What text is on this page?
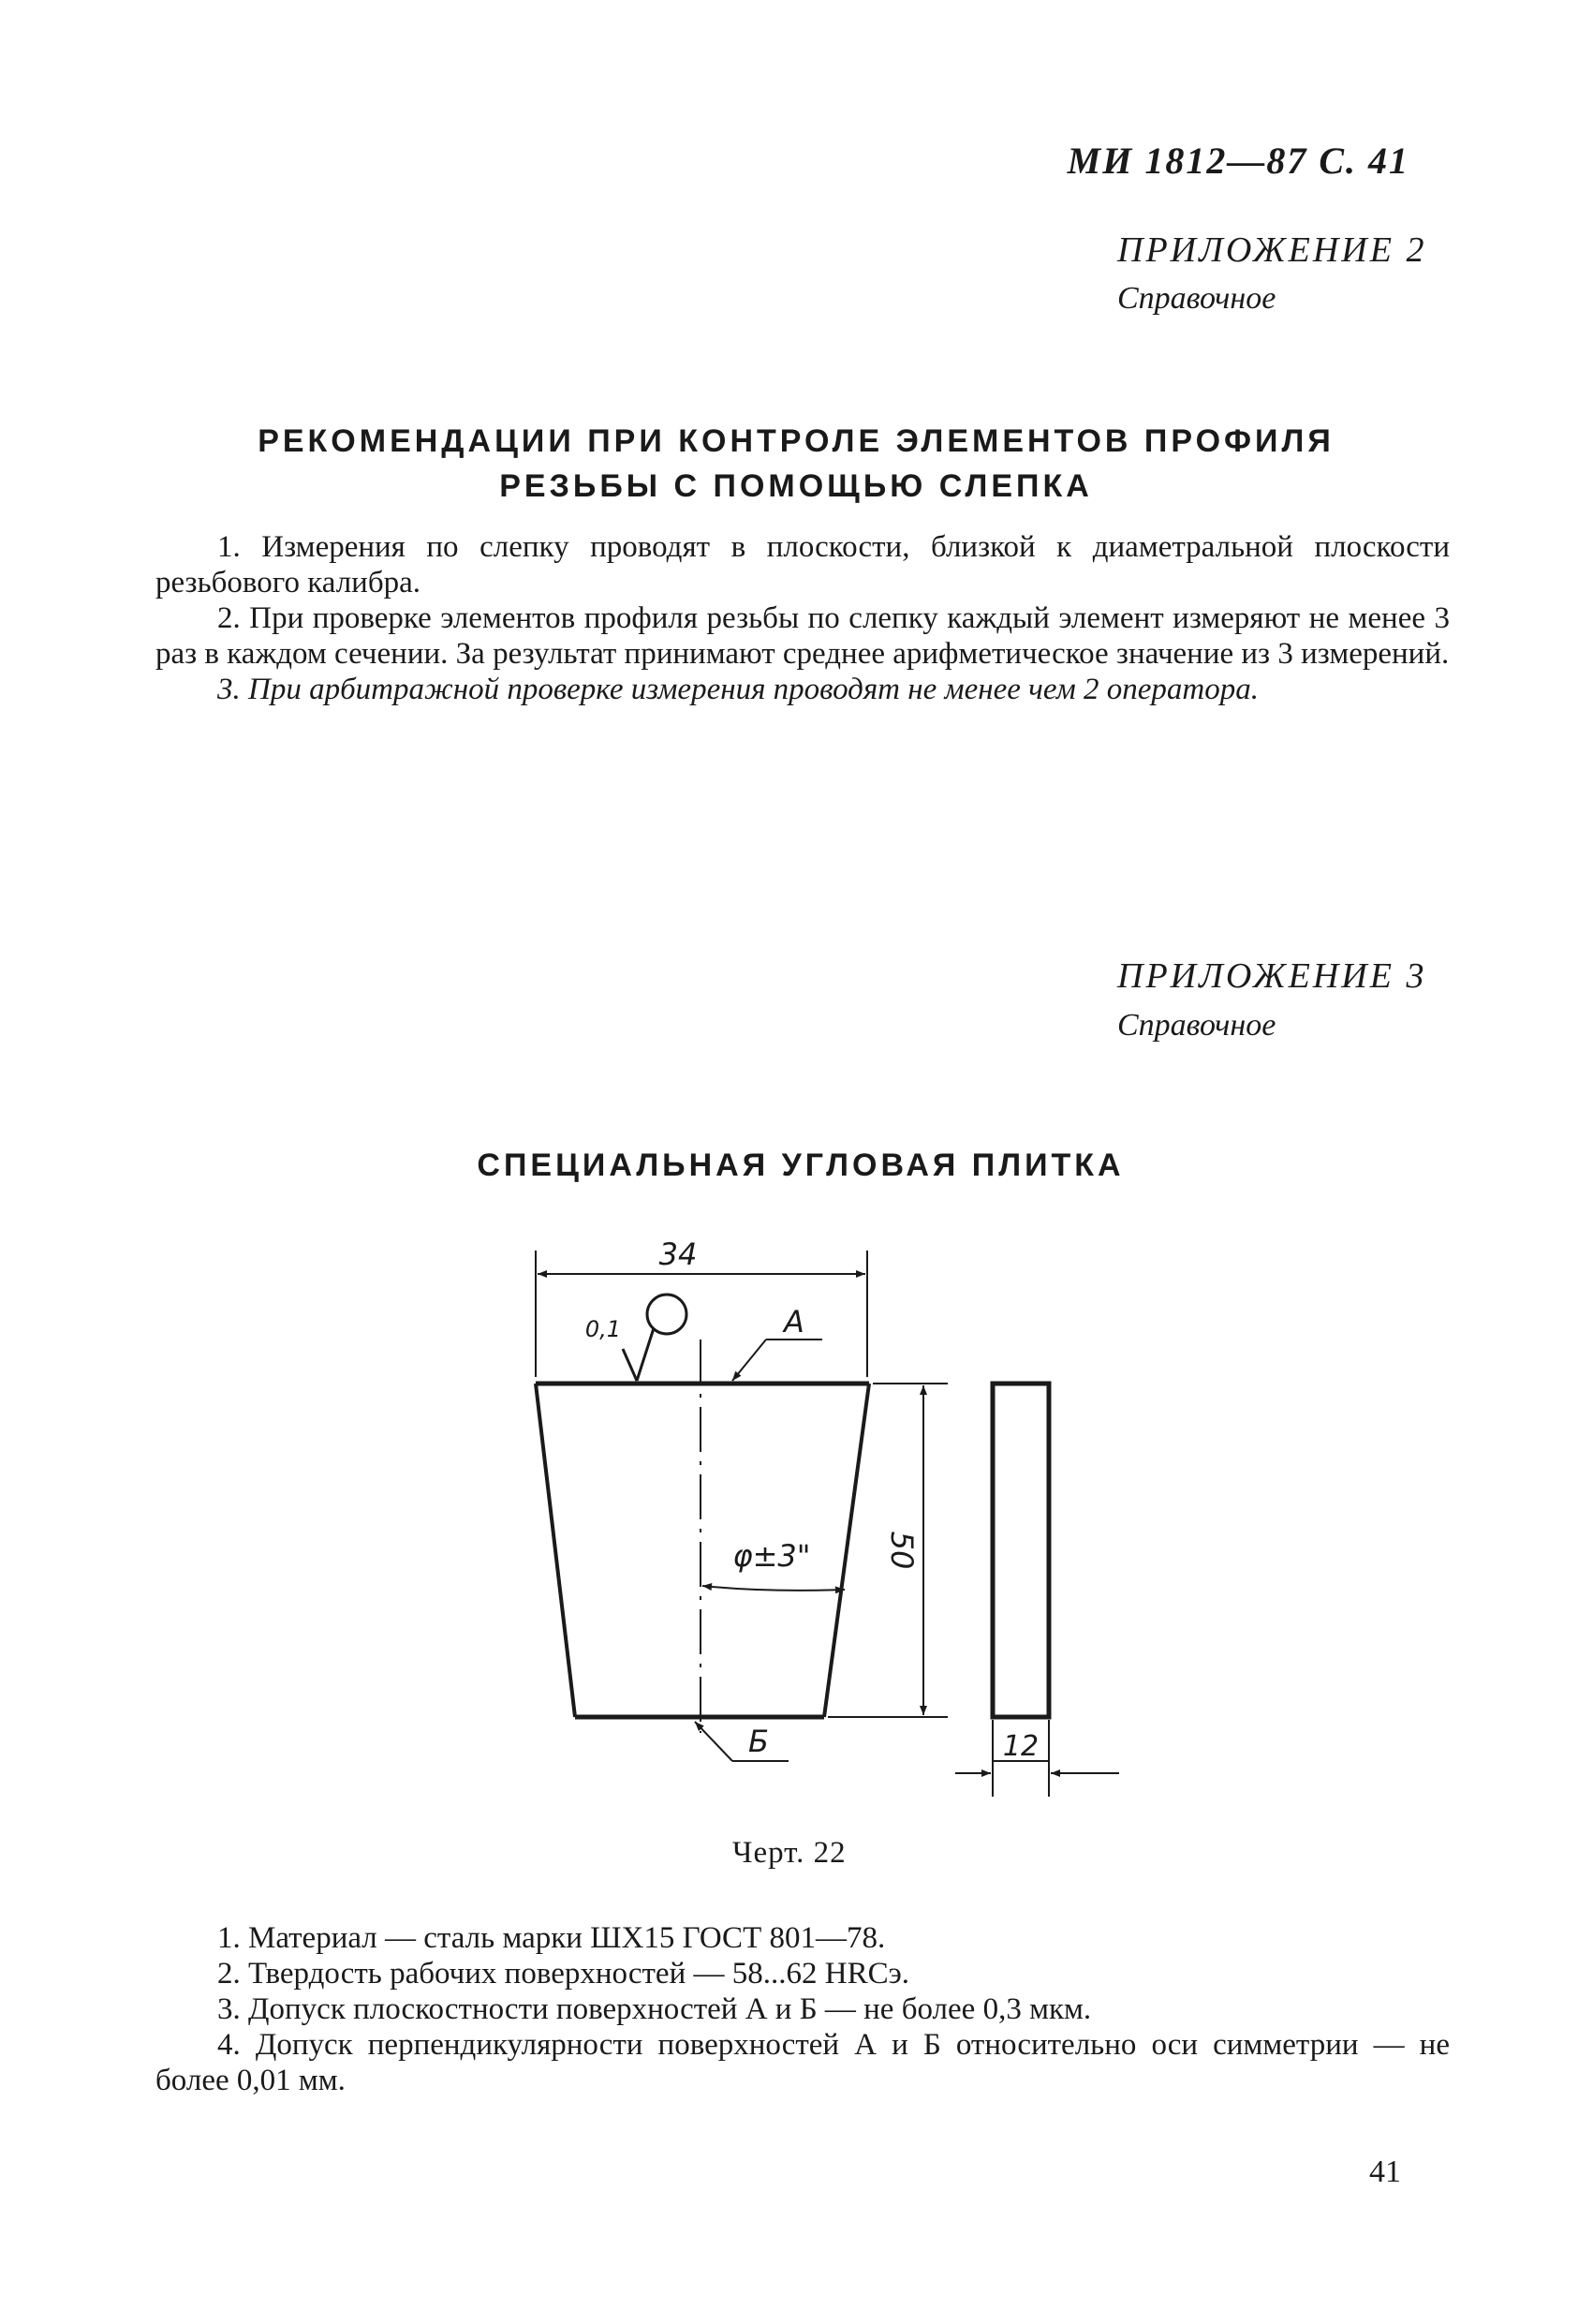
МИ 1812—87 С. 41
ПРИЛОЖЕНИЕ 2
Справочное
РЕКОМЕНДАЦИИ ПРИ КОНТРОЛЕ ЭЛЕМЕНТОВ ПРОФИЛЯ
РЕЗЬБЫ С ПОМОЩЬЮ СЛЕПКА
1. Измерения по слепку проводят в плоскости, близкой к диаметральной плоскости резьбового калибра.
2. При проверке элементов профиля резьбы по слепку каждый элемент измеряют не менее 3 раз в каждом сечении. За результат принимают среднее арифметическое значение из 3 измерений.
3. При арбитражной проверке измерения проводят не менее чем 2 оператора.
ПРИЛОЖЕНИЕ 3
Справочное
СПЕЦИАЛЬНАЯ УГЛОВАЯ ПЛИТКА
34
0,1	А
φ±3" 50
Б	12
Черт. 22
1. Материал — сталь марки ШХ15 ГОСТ 801—78.
2. Твердость рабочих поверхностей — 58...62 HRCэ.
3. Допуск плоскостности поверхностей А и Б — не более 0,3 мкм.
4. Допуск перпендикулярности поверхностей А и Б относительно оси симметрии — не более 0,01 мм.
41
